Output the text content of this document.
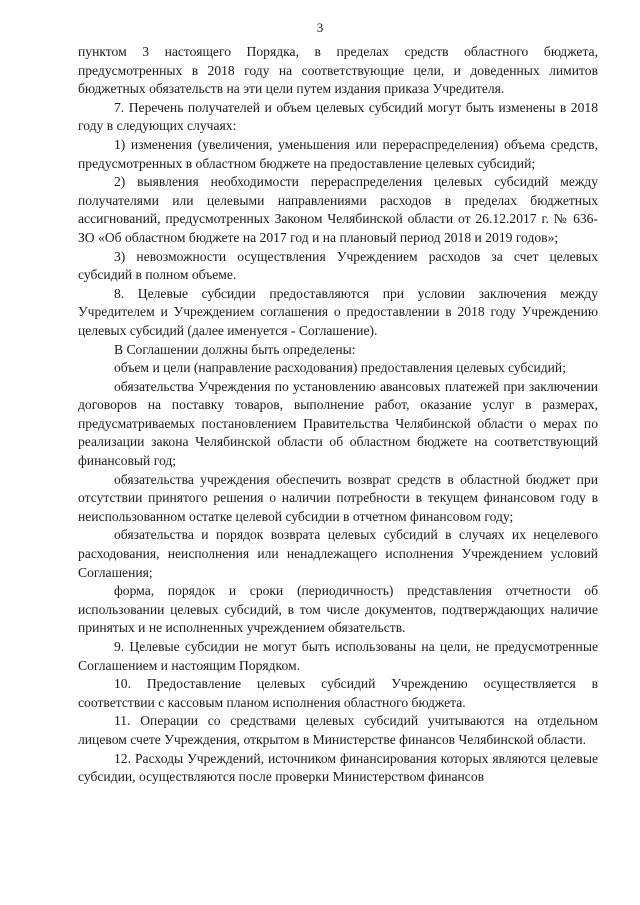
3

пунктом 3 настоящего Порядка, в пределах средств областного бюджета, предусмотренных в 2018 году на соответствующие цели, и доведенных лимитов бюджетных обязательств на эти цели путем издания приказа Учредителя.

7. Перечень получателей и объем целевых субсидий могут быть изменены в 2018 году в следующих случаях:

1) изменения (увеличения, уменьшения или перераспределения) объема средств, предусмотренных в областном бюджете на предоставление целевых субсидий;

2) выявления необходимости перераспределения целевых субсидий между получателями или целевыми направлениями расходов в пределах бюджетных ассигнований, предусмотренных Законом Челябинской области от 26.12.2017 г. № 636-ЗО «Об областном бюджете на 2017 год и на плановый период 2018 и 2019 годов»;

3) невозможности осуществления Учреждением расходов за счет целевых субсидий в полном объеме.

8. Целевые субсидии предоставляются при условии заключения между Учредителем и Учреждением соглашения о предоставлении в 2018 году Учреждению целевых субсидий (далее именуется - Соглашение).

В Соглашении должны быть определены:

объем и цели (направление расходования) предоставления целевых субсидий;

обязательства Учреждения по установлению авансовых платежей при заключении договоров на поставку товаров, выполнение работ, оказание услуг в размерах, предусматриваемых постановлением Правительства Челябинской области о мерах по реализации закона Челябинской области об областном бюджете на соответствующий финансовый год;

обязательства учреждения обеспечить возврат средств в областной бюджет при отсутствии принятого решения о наличии потребности в текущем финансовом году в неиспользованном остатке целевой субсидии в отчетном финансовом году;

обязательства и порядок возврата целевых субсидий в случаях их нецелевого расходования, неисполнения или ненадлежащего исполнения Учреждением условий Соглашения;

форма, порядок и сроки (периодичность) представления отчетности об использовании целевых субсидий, в том числе документов, подтверждающих наличие принятых и не исполненных учреждением обязательств.

9. Целевые субсидии не могут быть использованы на цели, не предусмотренные Соглашением и настоящим Порядком.

10. Предоставление целевых субсидий Учреждению осуществляется в соответствии с кассовым планом исполнения областного бюджета.

11. Операции со средствами целевых субсидий учитываются на отдельном лицевом счете Учреждения, открытом в Министерстве финансов Челябинской области.

12. Расходы Учреждений, источником финансирования которых являются целевые субсидии, осуществляются после проверки Министерством финансов
